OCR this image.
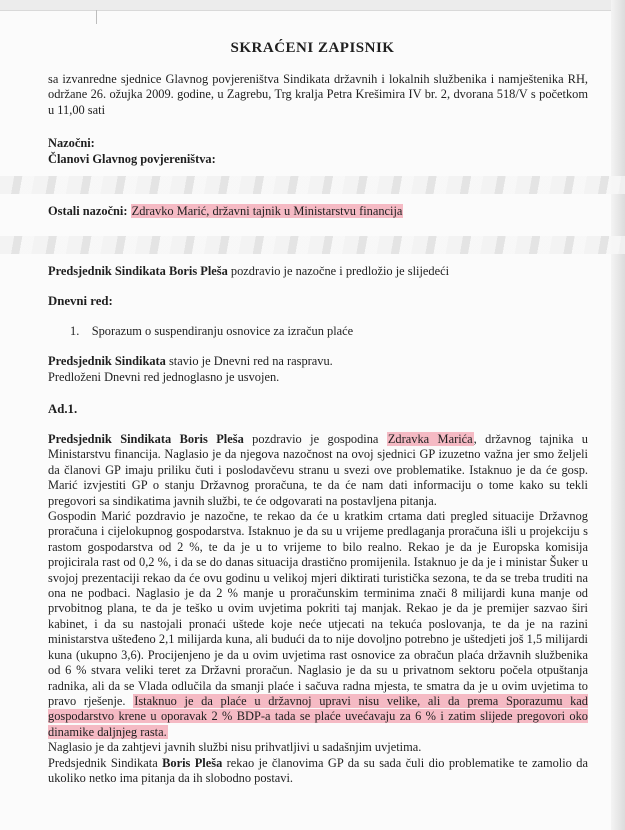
SKRAĆENI ZAPISNIK
sa izvanredne sjednice Glavnog povjereništva Sindikata državnih i lokalnih službenika i namještenika RH, održane 26. ožujka 2009. godine, u Zagrebu, Trg kralja Petra Krešimira IV br. 2, dvorana 518/V s početkom u 11,00 sati
Nazočni:
Članovi Glavnog povjereništva:
Ostali nazočni: Zdravko Marić, državni tajnik u Ministarstvu financija
Predsjednik Sindikata Boris Pleša pozdravio je nazočne i predložio je slijedeći
Dnevni red:
1. Sporazum o suspendiranju osnovice za izračun plaće
Predsjednik Sindikata stavio je Dnevni red na raspravu.
Predloženi Dnevni red jednoglasno je usvojen.
Ad.1.

Predsjednik Sindikata Boris Pleša pozdravio je gospodina Zdravka Marića, državnog tajnika u Ministarstvu financija. Naglasio je da njegova nazočnost na ovoj sjednici GP izuzetno važna jer smo željeli da članovi GP imaju priliku čuti i poslodavčevu stranu u svezi ove problematike. Istaknuo je da će gosp. Marić izvjestiti GP o stanju Državnog proračuna, te da će nam dati informaciju o tome kako su tekli pregovori sa sindikatima javnih službi, te će odgovarati na postavljena pitanja.

Gospodin Marić pozdravio je nazočne, te rekao da će u kratkim crtama dati pregled situacije Državnog proračuna i cijelokupnog gospodarstva. Istaknuo je da su u vrijeme predlaganja proračuna išli u projekciju s rastom gospodarstva od 2 %, te da je u to vrijeme to bilo realno. Rekao je da je Europska komisija projicirala rast od 0,2 %, i da se do danas situacija drastično promijenila. Istaknuo je da je i ministar Šuker u svojoj prezentaciji rekao da će ovu godinu u velikoj mjeri diktirati turistička sezona, te da se treba truditi na ona ne podbaci. Naglasio je da 2 % manje u proračunskim terminima znači 8 milijardi kuna manje od prvobitnog plana, te da je teško u ovim uvjetima pokriti taj manjak. Rekao je da je premijer sazvao širi kabinet, i da su nastojali pronaći uštede koje neće utjecati na tekuća poslovanja, te da je na razini ministarstva ušteđeno 2,1 milijarda kuna, ali budući da to nije dovoljno potrebno je uštedjeti još 1,5 milijardi kuna (ukupno 3,6). Procijenjeno je da u ovim uvjetima rast osnovice za obračun plaća državnih službenika od 6 % stvara veliki teret za Državni proračun. Naglasio je da su u privatnom sektoru počela otpuštanja radnika, ali da se Vlada odlučila da smanji plaće i sačuva radna mjesta, te smatra da je u ovim uvjetima to pravo rješenje. Istaknuo je da plaće u državnoj upravi nisu velike, ali da prema Sporazumu kad gospodarstvo krene u oporavak 2 % BDP-a tada se plaće uvećavaju za 6 % i zatim slijede pregovori oko dinamike daljnjeg rasta.

Naglasio je da zahtjevi javnih službi nisu prihvatljivi u sadašnjim uvjetima.

Predsjednik Sindikata Boris Pleša rekao je članovima GP da su sada čuli dio problematike te zamolio da ukoliko netko ima pitanja da ih slobodno postavi.
